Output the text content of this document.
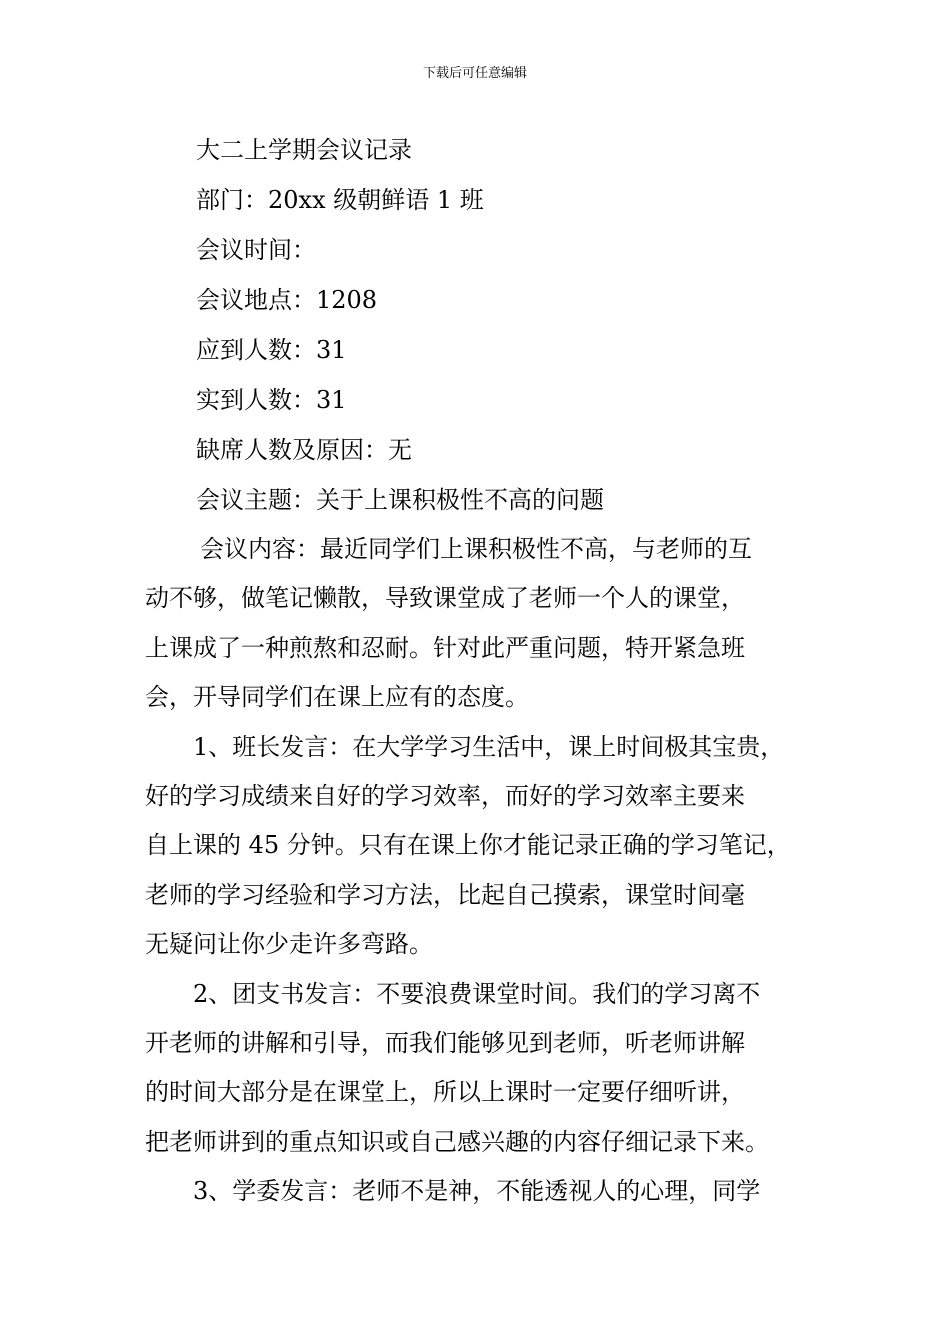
下载后可任意编辑
大二上学期会议记录
部门：20xx 级朝鲜语 1 班
会议时间：
会议地点：1208
应到人数：31
实到人数：31
缺席人数及原因：无
会议主题：关于上课积极性不高的问题
会议内容：最近同学们上课积极性不高，与老师的互
动不够，做笔记懒散，导致课堂成了老师一个人的课堂，
上课成了一种煎熬和忍耐。针对此严重问题，特开紧急班
会，开导同学们在课上应有的态度。
1、班长发言：在大学学习生活中，课上时间极其宝贵，
好的学习成绩来自好的学习效率，而好的学习效率主要来
自上课的 45 分钟。只有在课上你才能记录正确的学习笔记，
老师的学习经验和学习方法，比起自己摸索，课堂时间毫
无疑问让你少走许多弯路。
2、团支书发言：不要浪费课堂时间。我们的学习离不
开老师的讲解和引导，而我们能够见到老师，听老师讲解
的时间大部分是在课堂上，所以上课时一定要仔细听讲，
把老师讲到的重点知识或自己感兴趣的内容仔细记录下来。
3、学委发言：老师不是神，不能透视人的心理，同学
